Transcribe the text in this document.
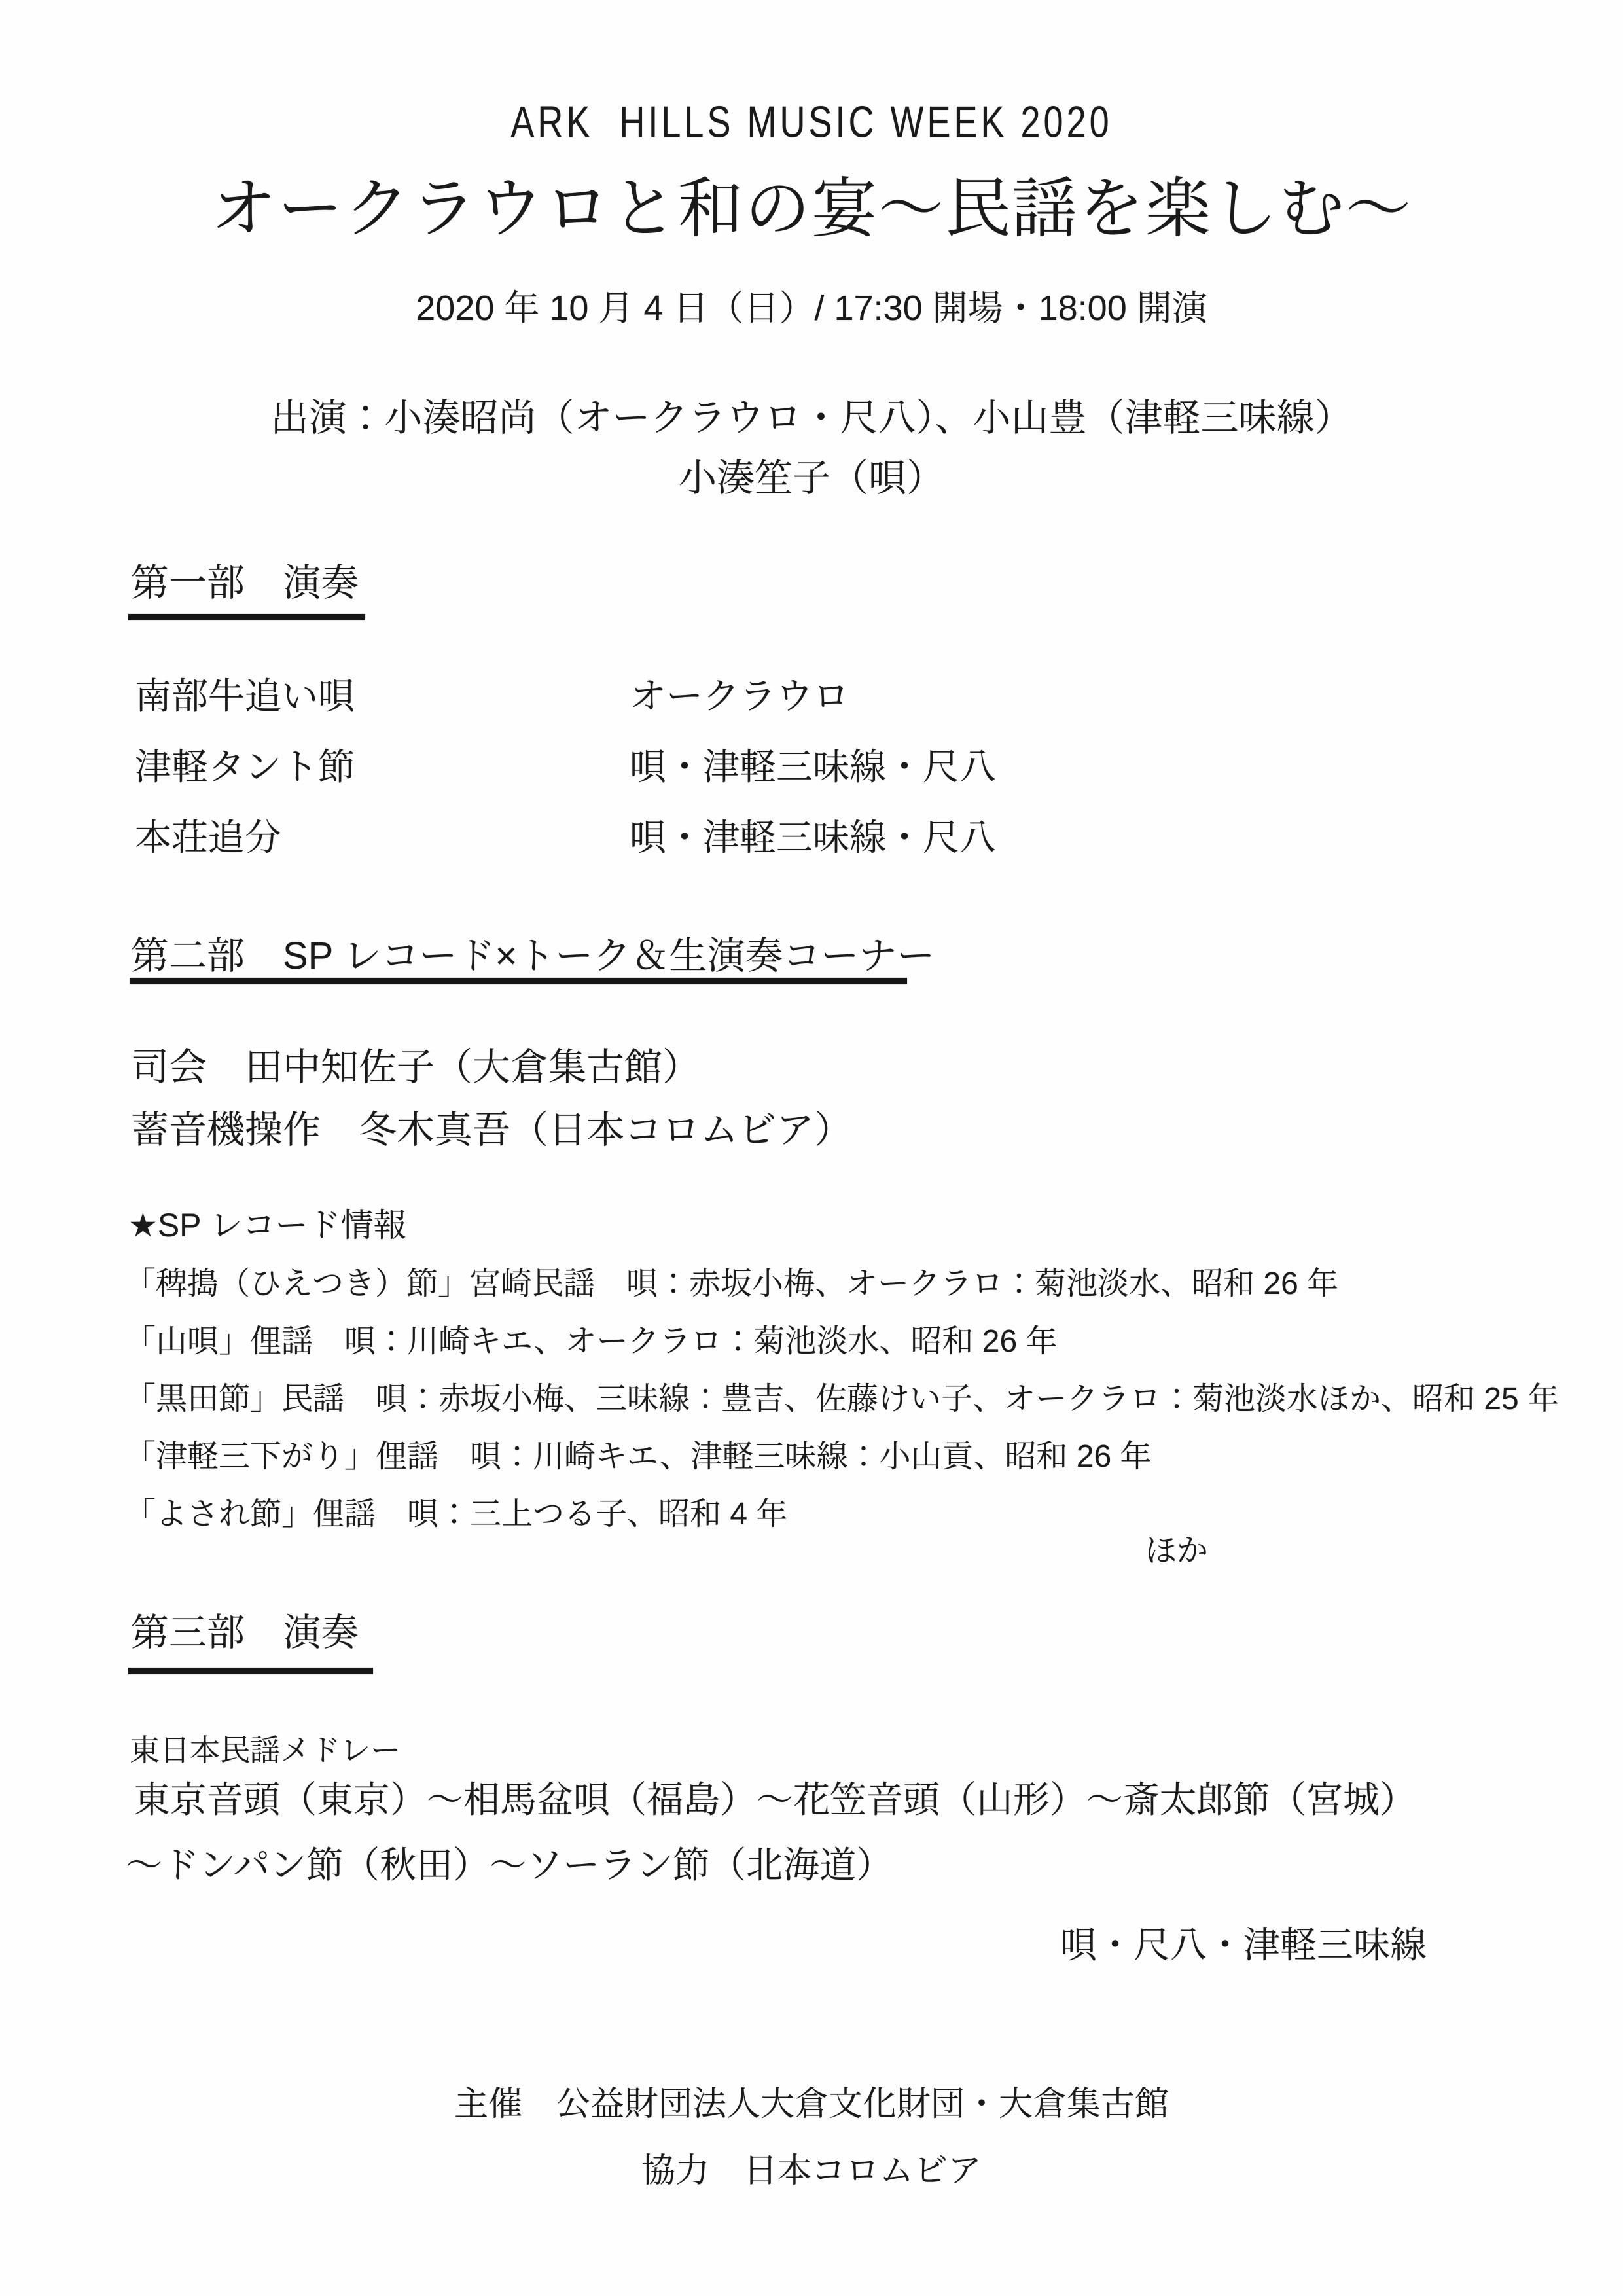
ARK  HILLS MUSIC WEEK 2020
オークラウロと和の宴～民謡を楽しむ～
2020 年 10 月 4 日（日）/ 17:30 開場・18:00 開演
出演：小湊昭尚（オークラウロ・尺八）、小山豊（津軽三味線）
小湊笙子（唄）
第一部　演奏
南部牛追い唄	オークラウロ
津軽タント節	唄・津軽三味線・尺八
本荘追分	唄・津軽三味線・尺八
第二部　SP レコード×トーク＆生演奏コーナー
司会　田中知佐子（大倉集古館）
蓄音機操作　冬木真吾（日本コロムビア）
★SP レコード情報
「稗搗（ひえつき）節」宮崎民謡　唄：赤坂小梅、オークラロ：菊池淡水、昭和 26 年
「山唄」俚謡　唄：川崎キエ、オークラロ：菊池淡水、昭和 26 年
「黒田節」民謡　唄：赤坂小梅、三味線：豊吉、佐藤けい子、オークラロ：菊池淡水ほか、昭和 25 年
「津軽三下がり」俚謡　唄：川崎キエ、津軽三味線：小山貢、昭和 26 年
「よされ節」俚謡　唄：三上つる子、昭和 4 年
ほか
第三部　演奏
東日本民謡メドレー
東京音頭（東京）～相馬盆唄（福島）～花笠音頭（山形）～斎太郎節（宮城）
～ドンパン節（秋田）～ソーラン節（北海道）
唄・尺八・津軽三味線
主催　公益財団法人大倉文化財団・大倉集古館
協力　日本コロムビア
